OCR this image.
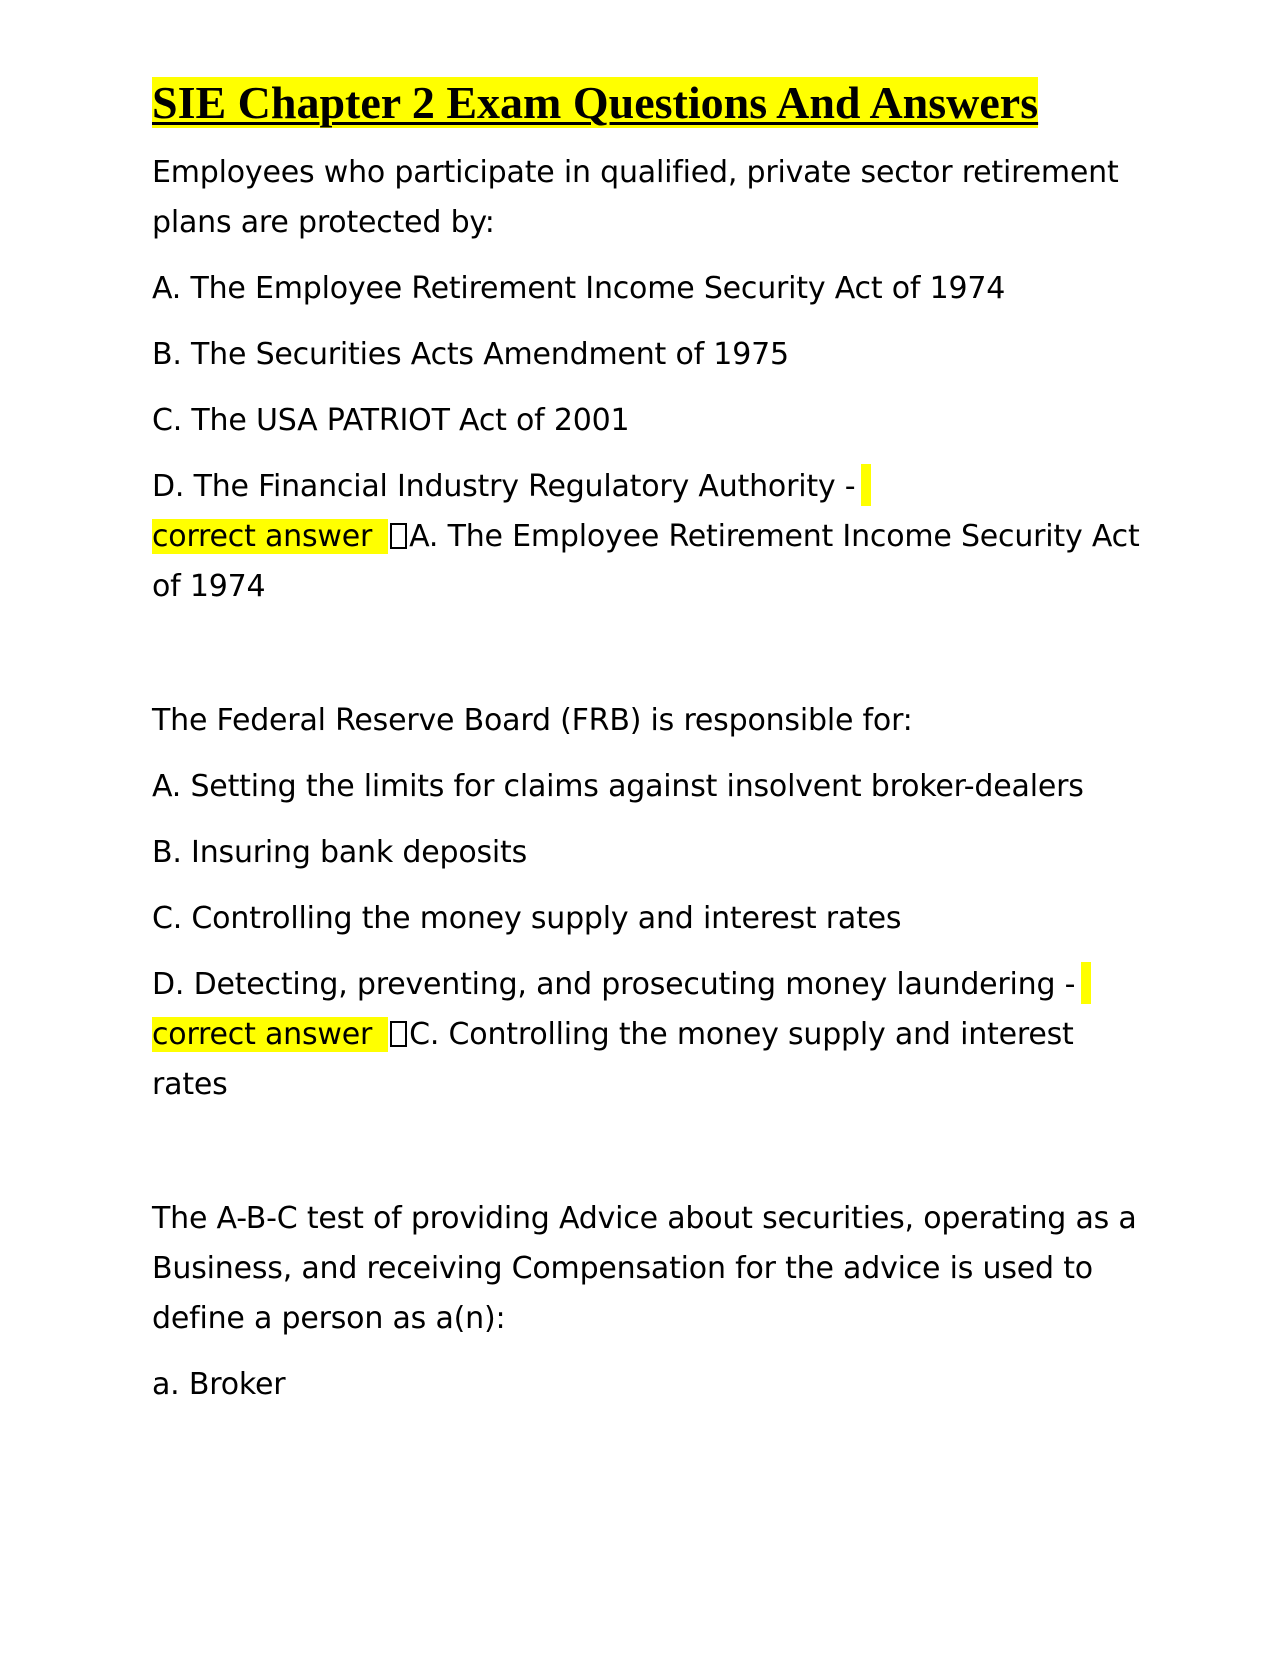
SIE Chapter 2 Exam Questions And Answers

Employees who participate in qualified, private sector retirement plans are protected by:

A. The Employee Retirement Income Security Act of 1974

B. The Securities Acts Amendment of 1975

C. The USA PATRIOT Act of 2001

D. The Financial Industry Regulatory Authority -

correct answer A. The Employee Retirement Income Security Act of 1974

The Federal Reserve Board (FRB) is responsible for:

A. Setting the limits for claims against insolvent broker-dealers

B. Insuring bank deposits

C. Controlling the money supply and interest rates

D. Detecting, preventing, and prosecuting money laundering -

correct answer C. Controlling the money supply and interest rates

The A-B-C test of providing Advice about securities, operating as a Business, and receiving Compensation for the advice is used to define a person as a(n):

a. Broker
